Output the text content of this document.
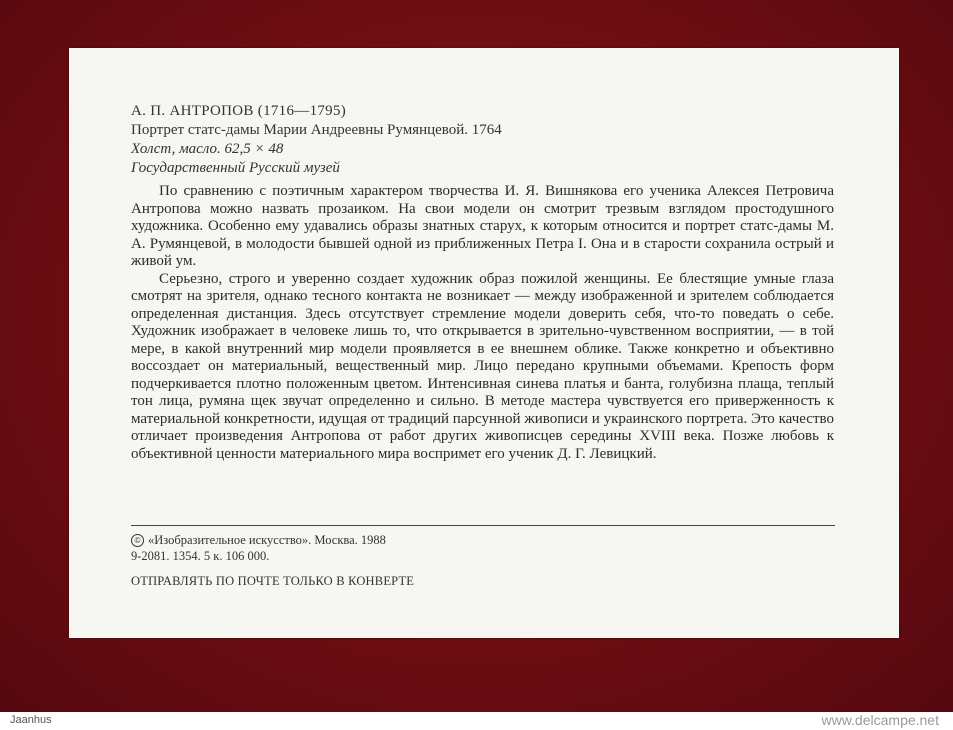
А. П. АНТРОПОВ (1716—1795)
Портрет статс-дамы Марии Андреевны Румянцевой. 1764
Холст, масло. 62,5 × 48
Государственный Русский музей

По сравнению с поэтичным характером творчества И. Я. Вишнякова его ученика Алексея Петровича Антропова можно назвать прозаиком. На свои модели он смотрит трезвым взглядом простодушного художника. Особенно ему удавались образы знатных старух, к которым относится и портрет статс-дамы М. А. Румянцевой, в молодости бывшей одной из приближенных Петра I. Она и в старости сохранила острый и живой ум.

Серьезно, строго и уверенно создает художник образ пожилой женщины. Ее блестящие умные глаза смотрят на зрителя, однако тесного контакта не возникает — между изображенной и зрителем соблюдается определенная дистанция. Здесь отсутствует стремление модели доверить себя, что-то поведать о себе. Художник изображает в человеке лишь то, что открывается в зрительно-чувственном восприятии, — в той мере, в какой внутренний мир модели проявляется в ее внешнем облике. Также конкретно и объективно воссоздает он материальный, вещественный мир. Лицо передано крупными объемами. Крепость форм подчеркивается плотно положенным цветом. Интенсивная синева платья и банта, голубизна плаща, теплый тон лица, румяна щек звучат определенно и сильно. В методе мастера чувствуется его приверженность к материальной конкретности, идущая от традиций парсунной живописи и украинского портрета. Это качество отличает произведения Антропова от работ других живописцев середины XVIII века. Позже любовь к объективной ценности материального мира воспримет его ученик Д. Г. Левицкий.

© «Изобразительное искусство». Москва. 1988
9-2081. 1354. 5 к. 106 000.
ОТПРАВЛЯТЬ ПО ПОЧТЕ ТОЛЬКО В КОНВЕРТЕ
Jaanhus	www.delcampe.net
